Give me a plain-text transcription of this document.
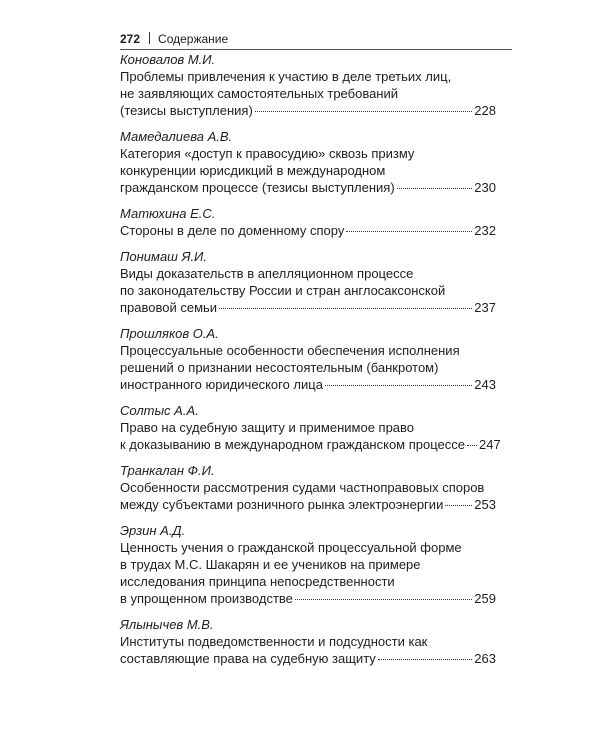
272 Содержание
Коновалов М.И.
Проблемы привлечения к участию в деле третьих лиц,
не заявляющих самостоятельных требований
(тезисы выступления)	228
Мамедалиева А.В.
Категория «доступ к правосудию» сквозь призму
конкуренции юрисдикций в международном
гражданском процессе (тезисы выступления)	230
Матюхина Е.С.
Стороны в деле по доменному спору	232
Понимаш Я.И.
Виды доказательств в апелляционном процессе
по законодательству России и стран англосаксонской
правовой семьи	237
Прошляков О.А.
Процессуальные особенности обеспечения исполнения
решений о признании несостоятельным (банкротом)
иностранного юридического лица	243
Солтыс А.А.
Право на судебную защиту и применимое право
к доказыванию в международном гражданском процессе 247
Транкалан Ф.И.
Особенности рассмотрения судами частноправовых споров
между субъектами розничного рынка электроэнергии 253
Эрзин А.Д.
Ценность учения о гражданской процессуальной форме
в трудах М.С. Шакарян и ее учеников на примере
исследования принципа непосредственности
в упрощенном производстве	259
Ялынычев М.В.
Институты подведомственности и подсудности как
составляющие права на судебную защиту	263
